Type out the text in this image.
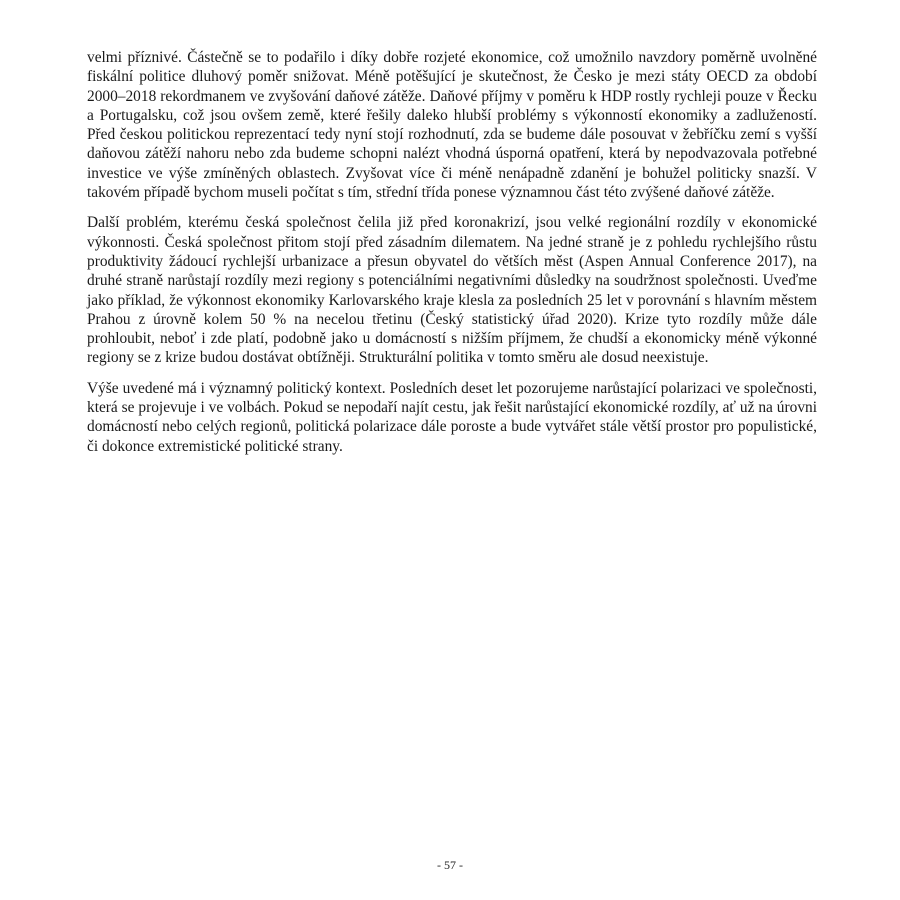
velmi příznivé. Částečně se to podařilo i díky dobře rozjeté ekonomice, což umožnilo navzdory poměrně uvolněné fiskální politice dluhový poměr snižovat. Méně potěšující je skutečnost, že Česko je mezi státy OECD za období 2000–2018 rekordmanem ve zvyšování daňové zátěže. Daňové příjmy v poměru k HDP rostly rychleji pouze v Řecku a Portugalsku, což jsou ovšem země, které řešily daleko hlubší problémy s výkonností ekonomiky a zadlužeností. Před českou politickou reprezentací tedy nyní stojí rozhodnutí, zda se budeme dále posouvat v žebříčku zemí s vyšší daňovou zátěží nahoru nebo zda budeme schopni nalézt vhodná úsporná opatření, která by nepodvazovala potřebné investice ve výše zmíněných oblastech. Zvyšovat více či méně nenápadně zdanění je bohužel politicky snazší. V takovém případě bychom museli počítat s tím, střední třída ponese významnou část této zvýšené daňové zátěže.

Další problém, kterému česká společnost čelila již před koronakrizí, jsou velké regionální rozdíly v ekonomické výkonnosti. Česká společnost přitom stojí před zásadním dilematem. Na jedné straně je z pohledu rychlejšího růstu produktivity žádoucí rychlejší urbanizace a přesun obyvatel do větších měst (Aspen Annual Conference 2017), na druhé straně narůstají rozdíly mezi regiony s potenciálními negativními důsledky na soudržnost společnosti. Uveďme jako příklad, že výkonnost ekonomiky Karlovarského kraje klesla za posledních 25 let v porovnání s hlavním městem Prahou z úrovně kolem 50 % na necelou třetinu (Český statistický úřad 2020). Krize tyto rozdíly může dále prohloubit, neboť i zde platí, podobně jako u domácností s nižším příjmem, že chudší a ekonomicky méně výkonné regiony se z krize budou dostávat obtížněji. Strukturální politika v tomto směru ale dosud neexistuje.

Výše uvedené má i významný politický kontext. Posledních deset let pozorujeme narůstající polarizaci ve společnosti, která se projevuje i ve volbách. Pokud se nepodaří najít cestu, jak řešit narůstající ekonomické rozdíly, ať už na úrovni domácností nebo celých regionů, politická polarizace dále poroste a bude vytvářet stále větší prostor pro populistické, či dokonce extremistické politické strany.

- 57 -
